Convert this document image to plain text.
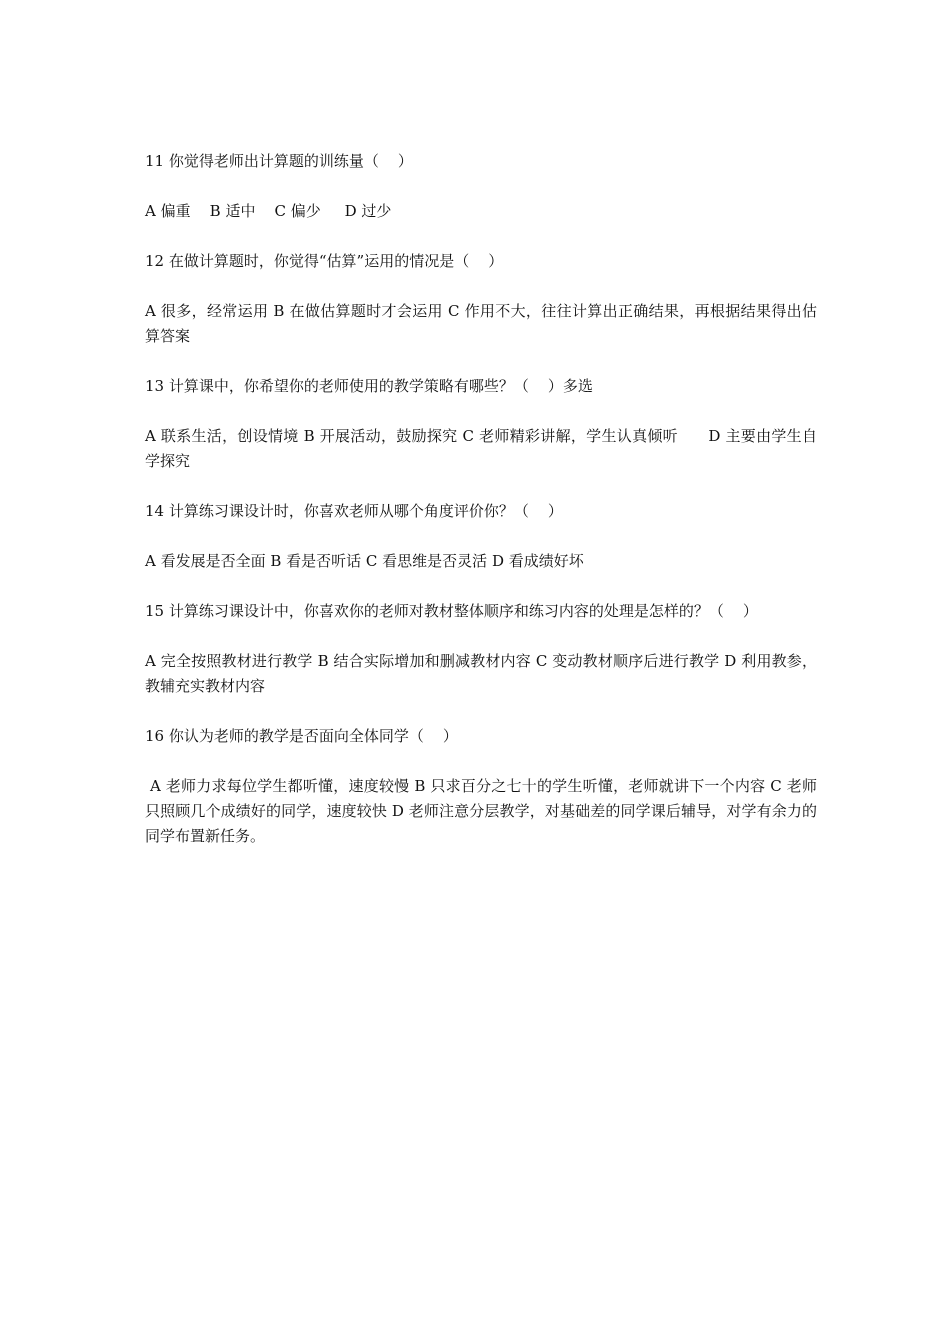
11 你觉得老师出计算题的训练量（    ）

A 偏重    B 适中    C 偏少     D 过少

12 在做计算题时，你觉得“估算”运用的情况是（    ）

A 很多，经常运用 B 在做估算题时才会运用 C 作用不大，往往计算出正确结果，再根据结果得出估算答案

13 计算课中，你希望你的老师使用的教学策略有哪些？（    ）多选

A 联系生活，创设情境 B 开展活动，鼓励探究 C 老师精彩讲解，学生认真倾听      D 主要由学生自学探究

14 计算练习课设计时，你喜欢老师从哪个角度评价你？（    ）

A 看发展是否全面 B 看是否听话 C 看思维是否灵活 D 看成绩好坏

15 计算练习课设计中，你喜欢你的老师对教材整体顺序和练习内容的处理是怎样的？（    ）

A 完全按照教材进行教学 B 结合实际增加和删减教材内容 C 变动教材顺序后进行教学 D 利用教参，教辅充实教材内容

16 你认为老师的教学是否面向全体同学（    ）

A 老师力求每位学生都听懂，速度较慢 B 只求百分之七十的学生听懂，老师就讲下一个内容 C 老师只照顾几个成绩好的同学，速度较快 D 老师注意分层教学，对基础差的同学课后辅导，对学有余力的同学布置新任务。
